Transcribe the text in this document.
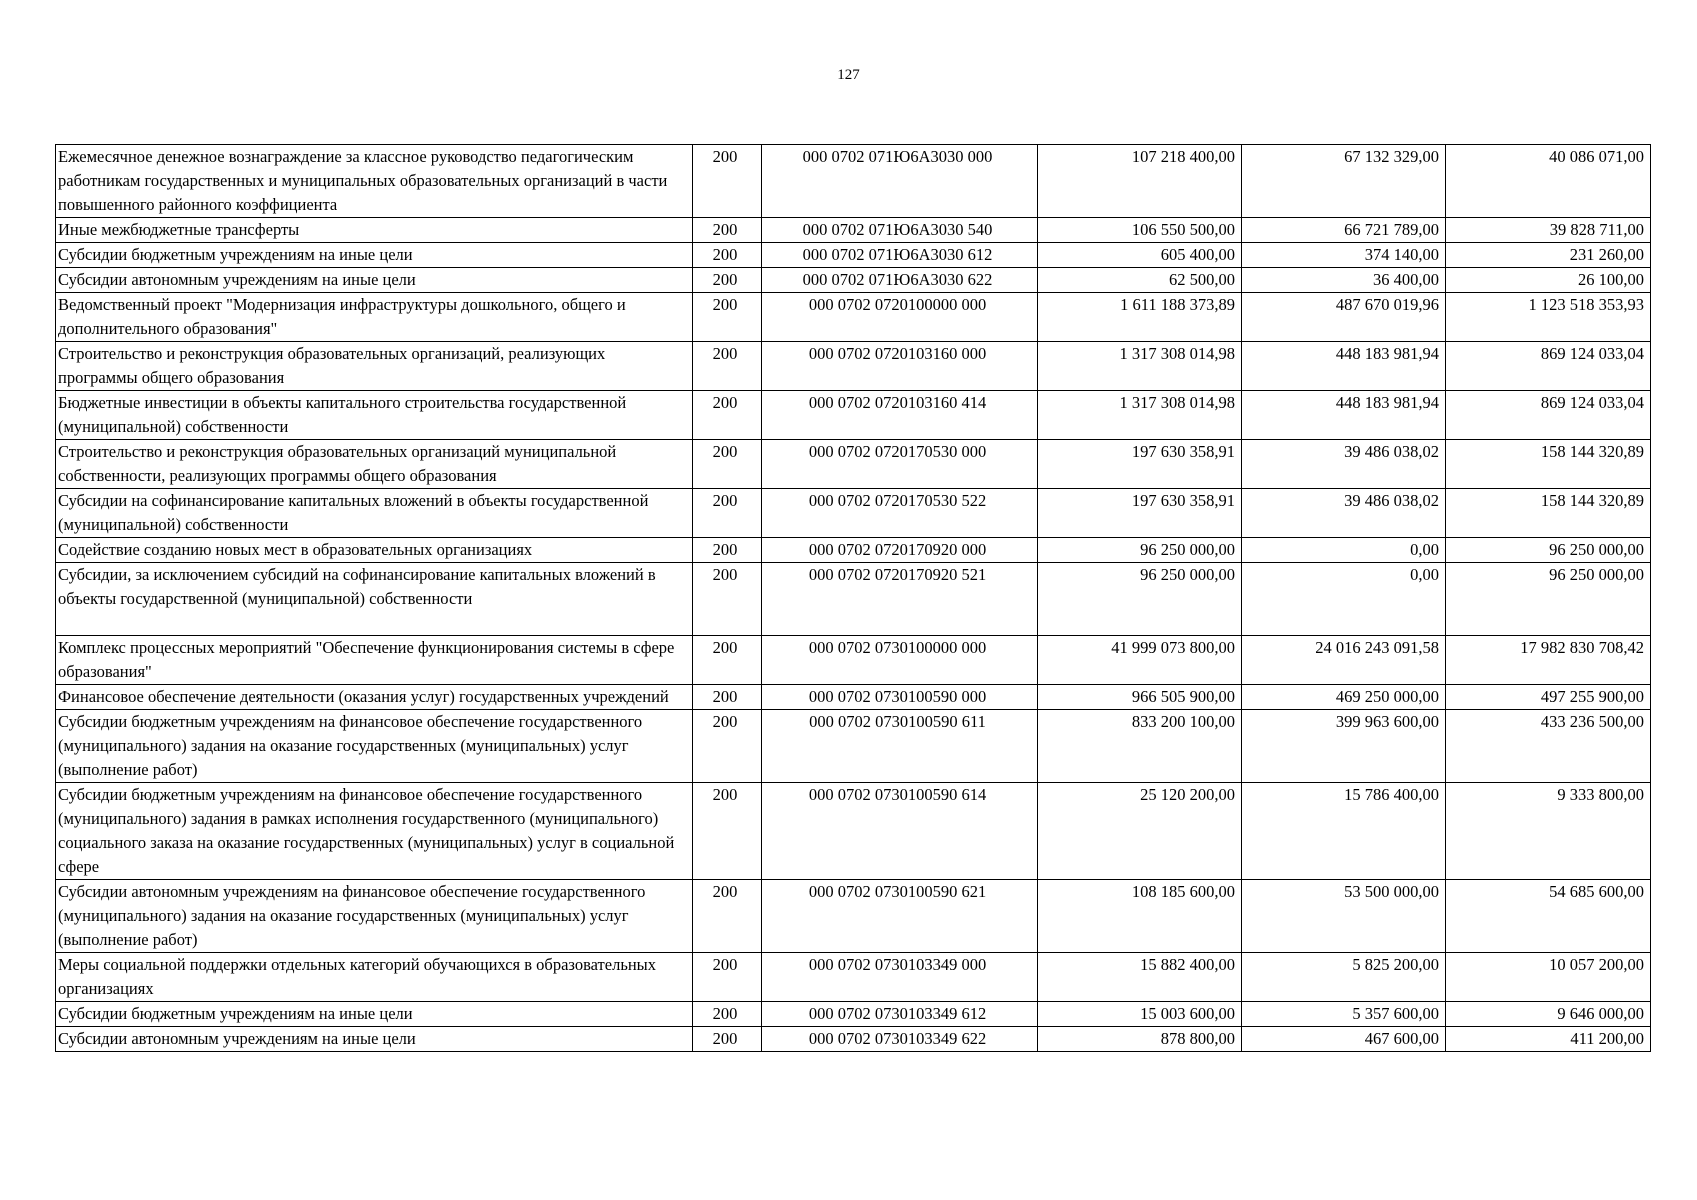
127
Ежемесячное денежное вознаграждение за классное руководство педагогическим работникам государственных и муниципальных образовательных организаций в части повышенного районного коэффициента	200	000 0702 071Ю6А3030 000	107 218 400,00	67 132 329,00	40 086 071,00
Иные межбюджетные трансферты	200	000 0702 071Ю6А3030 540	106 550 500,00	66 721 789,00	39 828 711,00
Субсидии бюджетным учреждениям на иные цели	200	000 0702 071Ю6А3030 612	605 400,00	374 140,00	231 260,00
Субсидии автономным учреждениям на иные цели	200	000 0702 071Ю6А3030 622	62 500,00	36 400,00	26 100,00
Ведомственный проект "Модернизация инфраструктуры дошкольного, общего и дополнительного образования"	200	000 0702 0720100000 000	1 611 188 373,89	487 670 019,96	1 123 518 353,93
Строительство и реконструкция образовательных организаций, реализующих программы общего образования	200	000 0702 0720103160 000	1 317 308 014,98	448 183 981,94	869 124 033,04
Бюджетные инвестиции в объекты капитального строительства государственной (муниципальной) собственности	200	000 0702 0720103160 414	1 317 308 014,98	448 183 981,94	869 124 033,04
Строительство и реконструкция образовательных организаций муниципальной собственности, реализующих программы общего образования	200	000 0702 0720170530 000	197 630 358,91	39 486 038,02	158 144 320,89
Субсидии на софинансирование капитальных вложений в объекты государственной (муниципальной) собственности	200	000 0702 0720170530 522	197 630 358,91	39 486 038,02	158 144 320,89
Содействие созданию новых мест в образовательных организациях	200	000 0702 0720170920 000	96 250 000,00	0,00	96 250 000,00
Субсидии, за исключением субсидий на софинансирование капитальных вложений в объекты государственной (муниципальной) собственности	200	000 0702 0720170920 521	96 250 000,00	0,00	96 250 000,00
Комплекс процессных мероприятий "Обеспечение функционирования системы в сфере образования"	200	000 0702 0730100000 000	41 999 073 800,00	24 016 243 091,58	17 982 830 708,42
Финансовое обеспечение деятельности (оказания услуг) государственных учреждений	200	000 0702 0730100590 000	966 505 900,00	469 250 000,00	497 255 900,00
Субсидии бюджетным учреждениям на финансовое обеспечение государственного (муниципального) задания на оказание государственных (муниципальных) услуг (выполнение работ)	200	000 0702 0730100590 611	833 200 100,00	399 963 600,00	433 236 500,00
Субсидии бюджетным учреждениям на финансовое обеспечение государственного (муниципального) задания в рамках исполнения государственного (муниципального) социального заказа на оказание государственных (муниципальных) услуг в социальной сфере	200	000 0702 0730100590 614	25 120 200,00	15 786 400,00	9 333 800,00
Субсидии автономным учреждениям на финансовое обеспечение государственного (муниципального) задания на оказание государственных (муниципальных) услуг (выполнение работ)	200	000 0702 0730100590 621	108 185 600,00	53 500 000,00	54 685 600,00
Меры социальной поддержки отдельных категорий обучающихся в образовательных организациях	200	000 0702 0730103349 000	15 882 400,00	5 825 200,00	10 057 200,00
Субсидии бюджетным учреждениям на иные цели	200	000 0702 0730103349 612	15 003 600,00	5 357 600,00	9 646 000,00
Субсидии автономным учреждениям на иные цели	200	000 0702 0730103349 622	878 800,00	467 600,00	411 200,00
